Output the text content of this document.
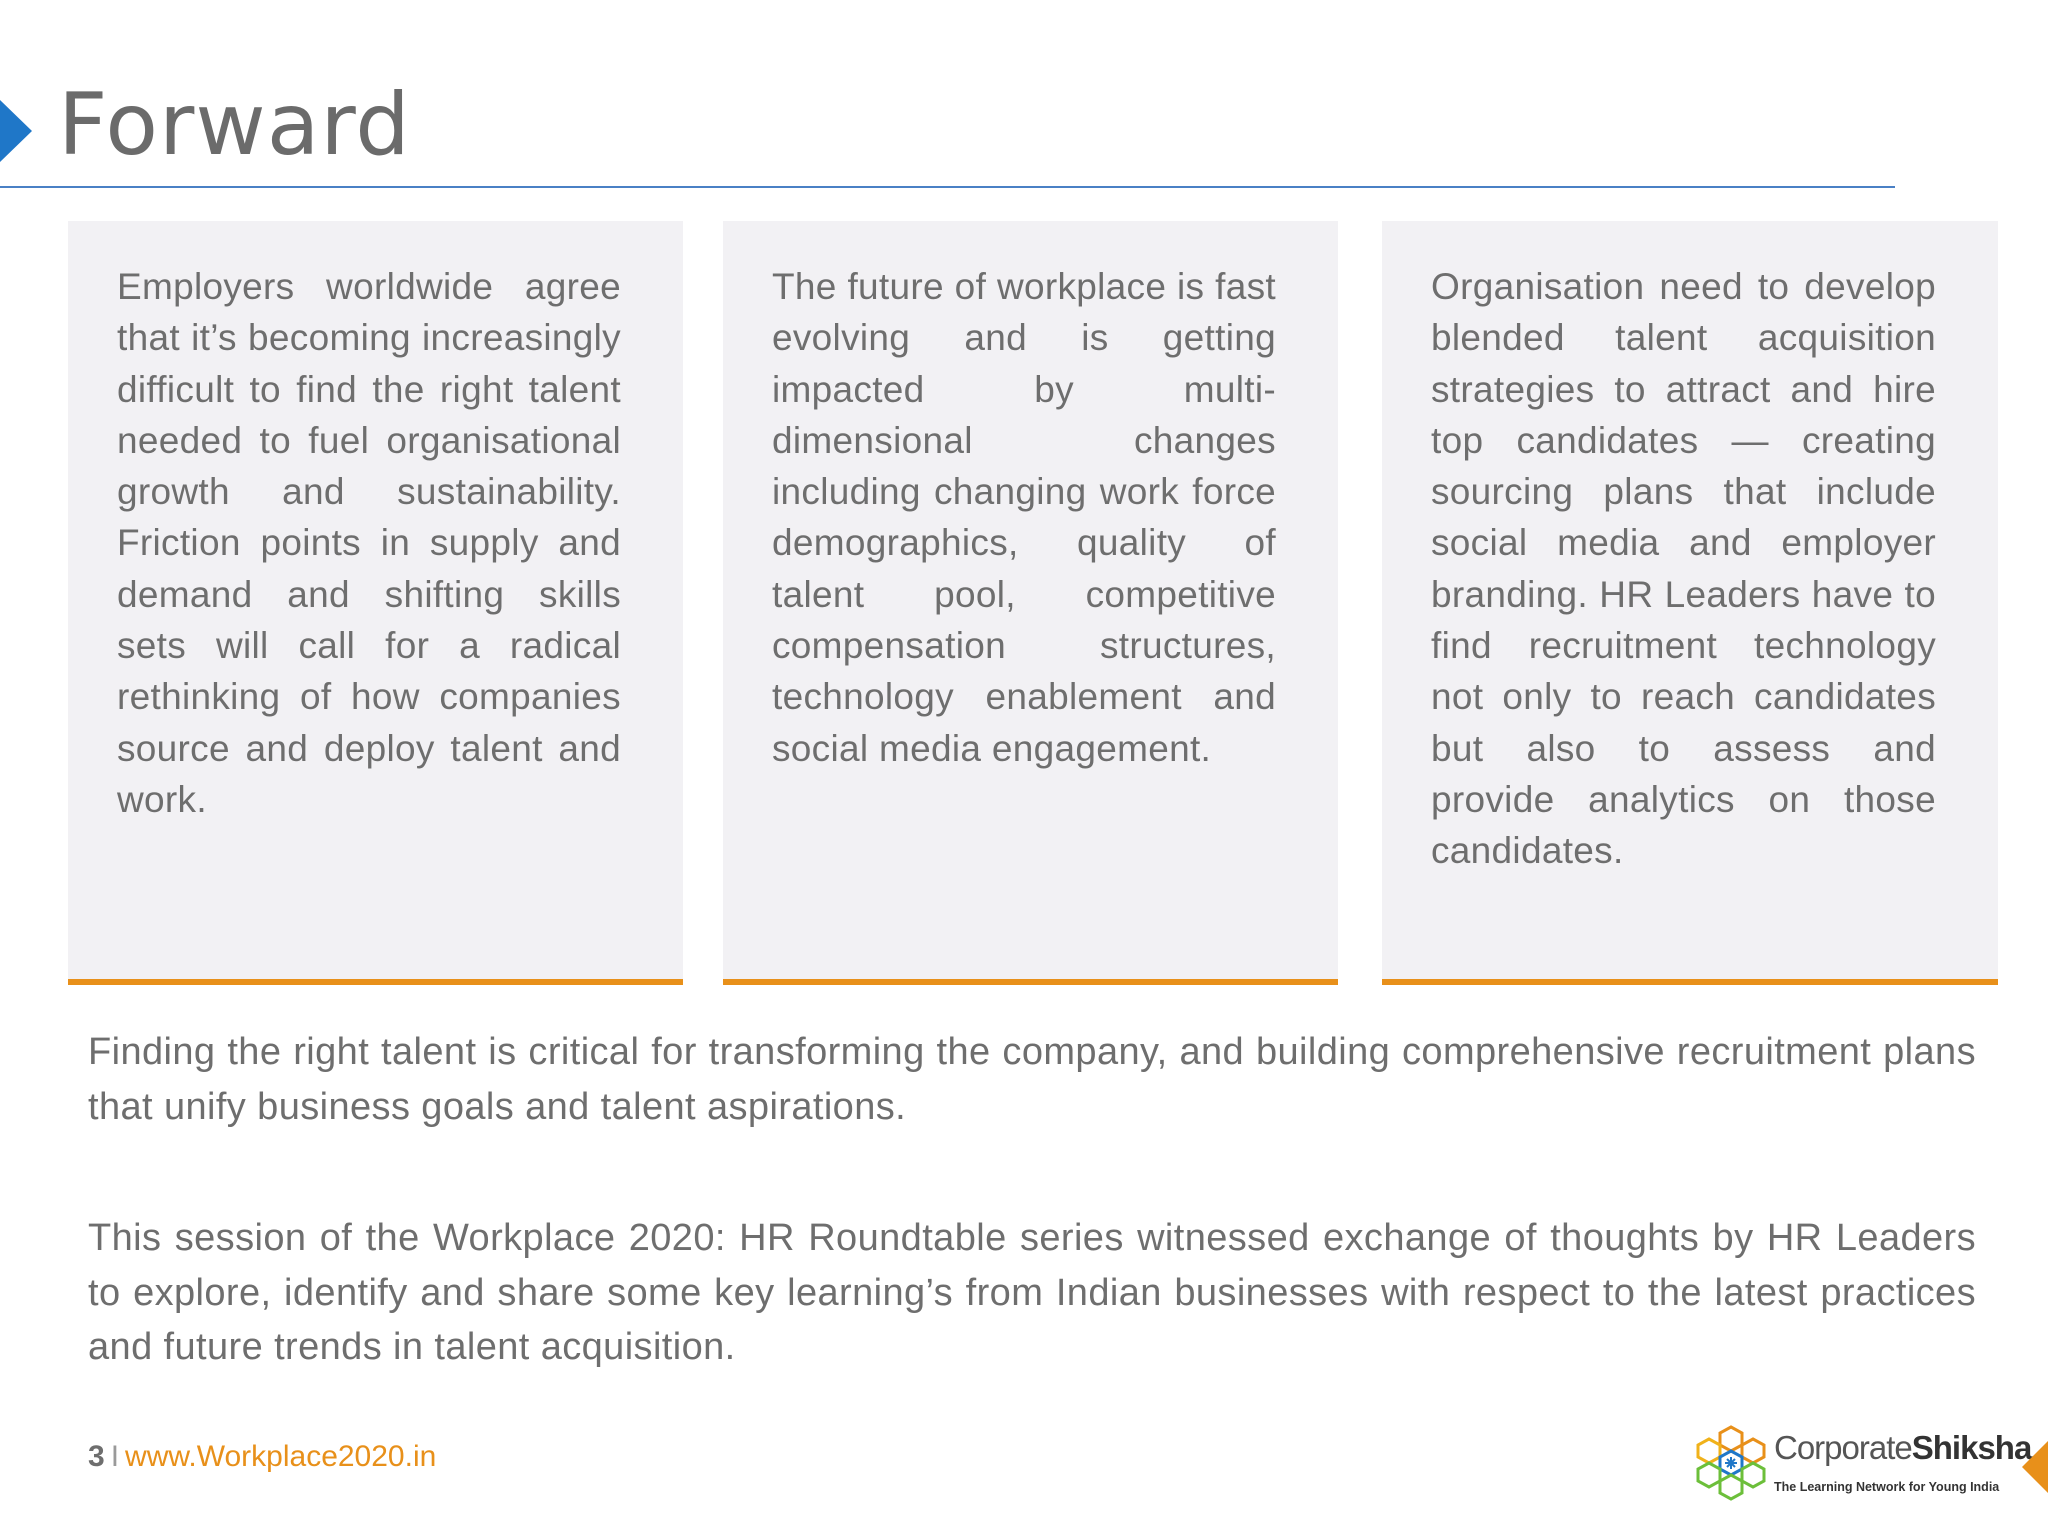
Forward

Employers worldwide agree that it’s becoming increasingly difficult to find the right talent needed to fuel organisational growth and sustainability. Friction points in supply and demand and shifting skills sets will call for a radical rethinking of how companies source and deploy talent and work.

The future of workplace is fast evolving and is getting impacted by multi-dimensional changes including changing work force demographics, quality of talent pool, competitive compensation structures, technology enablement and social media engagement.

Organisation need to develop blended talent acquisition strategies to attract and hire top candidates — creating sourcing plans that include social media and employer branding. HR Leaders have to find recruitment technology not only to reach candidates but also to assess and provide analytics on those candidates.

Finding the right talent is critical for transforming the company, and building comprehensive recruitment plans that unify business goals and talent aspirations.

This session of the Workplace 2020: HR Roundtable series witnessed exchange of thoughts by HR Leaders to explore, identify and share some key learning’s from Indian businesses with respect to the latest practices and future trends in talent acquisition.

3 I www.Workplace2020.in	CorporateShiksha
The Learning Network for Young India
